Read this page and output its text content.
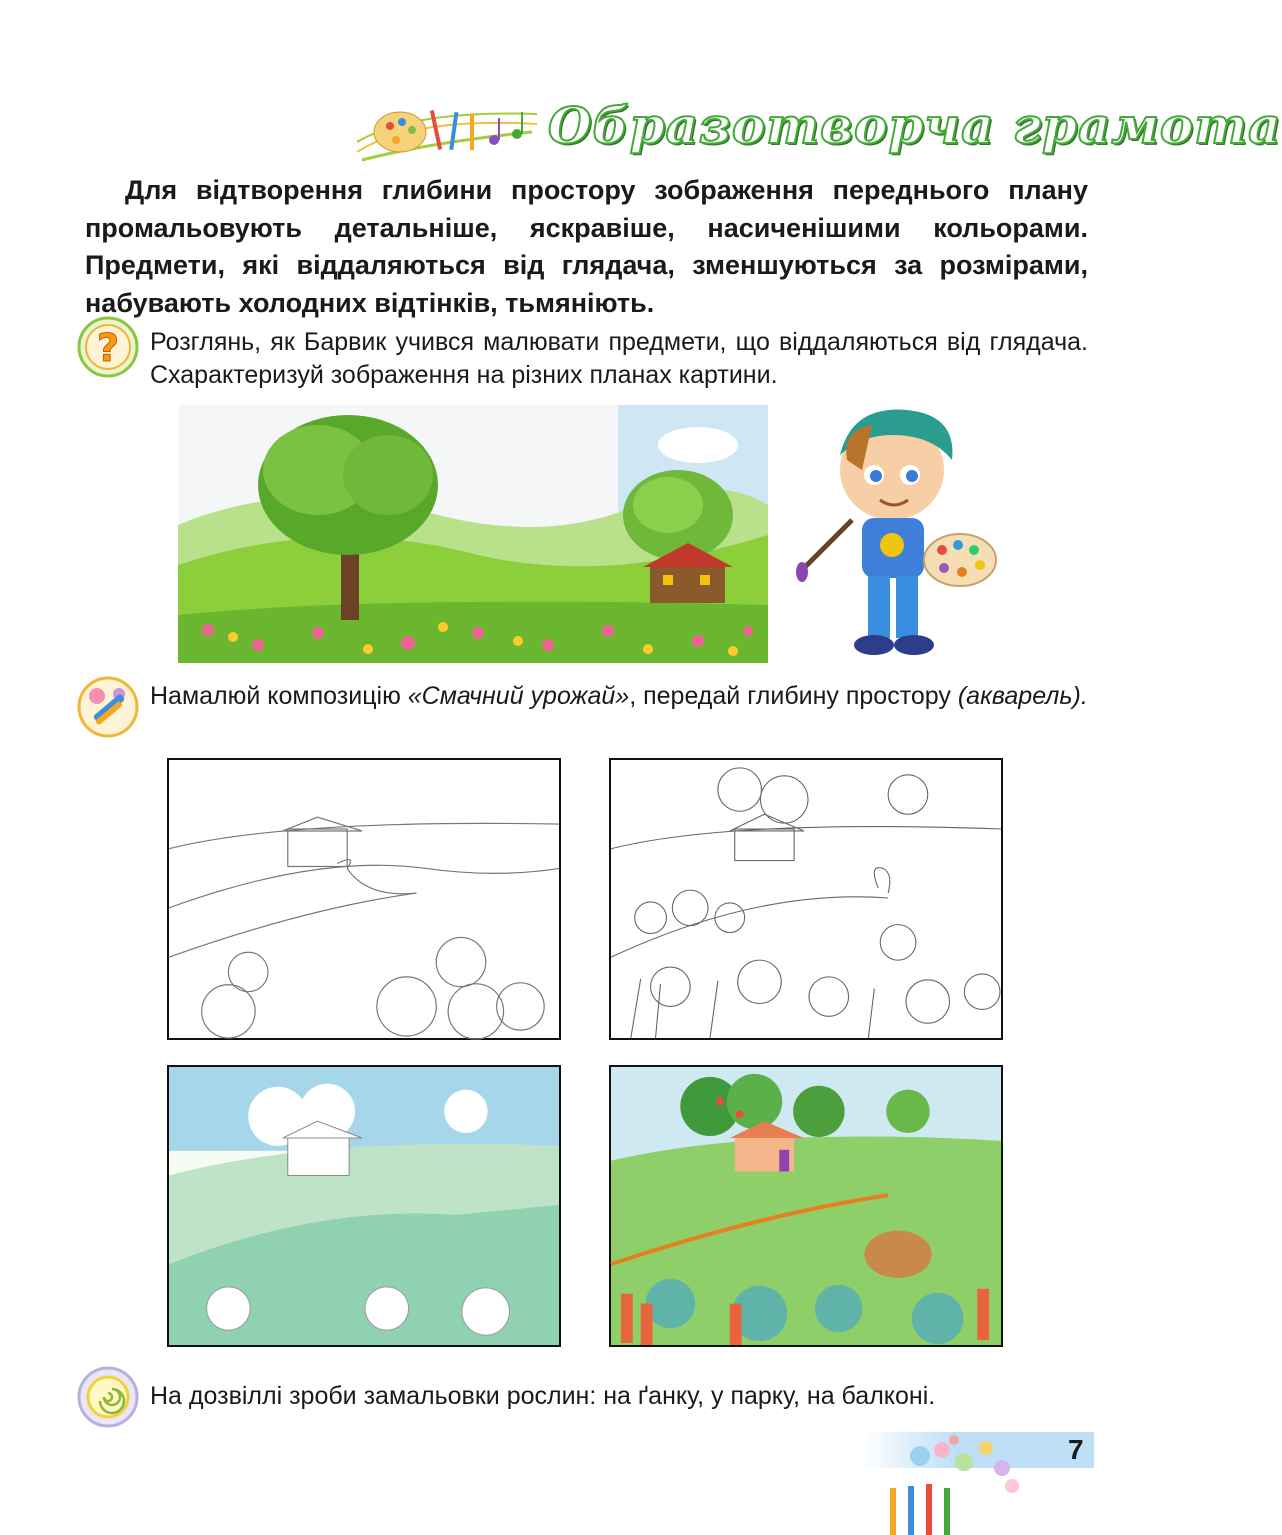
Образотворча грамота
Для відтворення глибини простору зображення переднього плану промальовують детальніше, яскравіше, насиченішими кольорами. Предмети, які віддаляються від глядача, зменшуються за розмірами, набувають холодних відтінків, тьмяніють.
? Розглянь, як Барвик учився малювати предмети, що віддаляються від глядача. Схарактеризуй зображення на різних планах картини.
Намалюй композицію «Смачний урожай», передай глибину простору (акварель).
На дозвіллі зроби замальовки рослин: на ґанку, у парку, на балконі.
7
